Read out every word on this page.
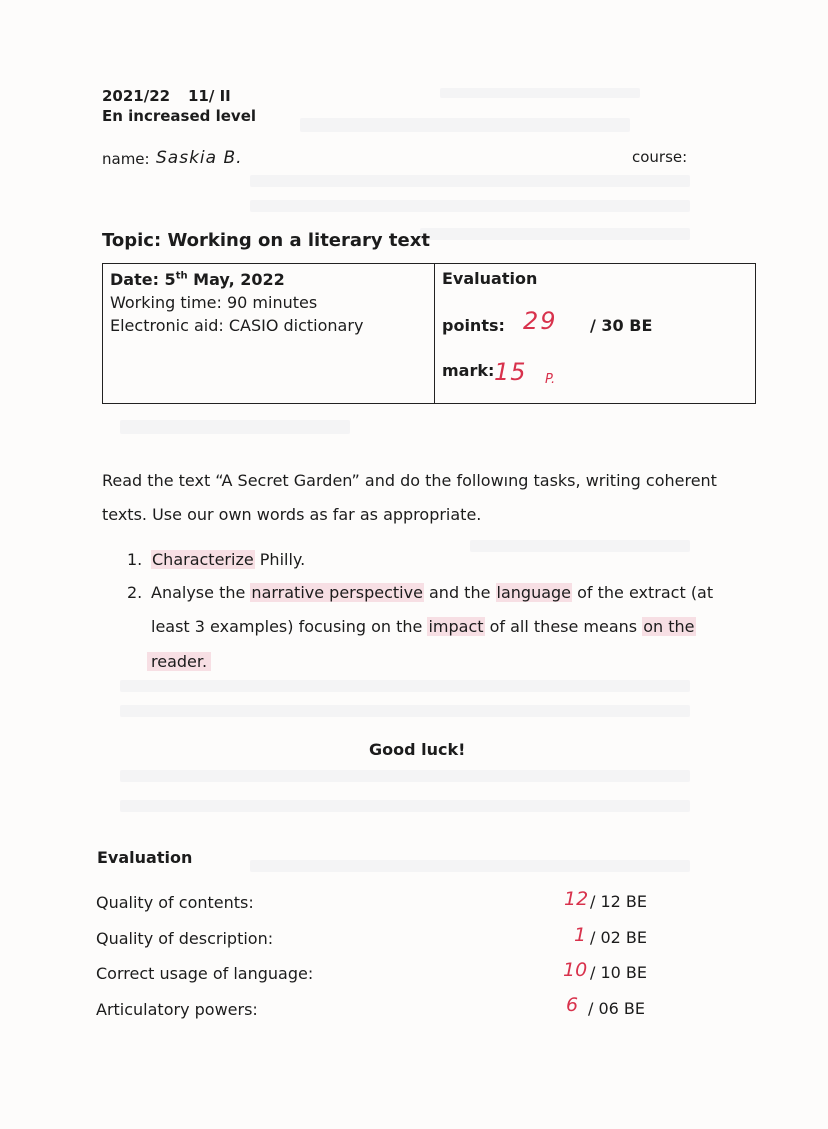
2021/22 11/ II
En increased level
name: Saskia B.	course:
Topic: Working on a literary text
Date: 5th May, 2022
Working time: 90 minutes
Electronic aid: CASIO dictionary
Evaluation
points: 29 / 30 BE
mark: 15 P.
Read the text “A Secret Garden” and do the followıng tasks, writing coherent
texts. Use our own words as far as appropriate.
1. Characterize Philly.
2. Analyse the narrative perspective and the language of the extract (at
least 3 examples) focusing on the impact of all these means on the
reader.
Good luck!
Evaluation
Quality of contents:	12 / 12 BE
Quality of description:	1 / 02 BE
Correct usage of language:	10 / 10 BE
Articulatory powers:	6 / 06 BE
